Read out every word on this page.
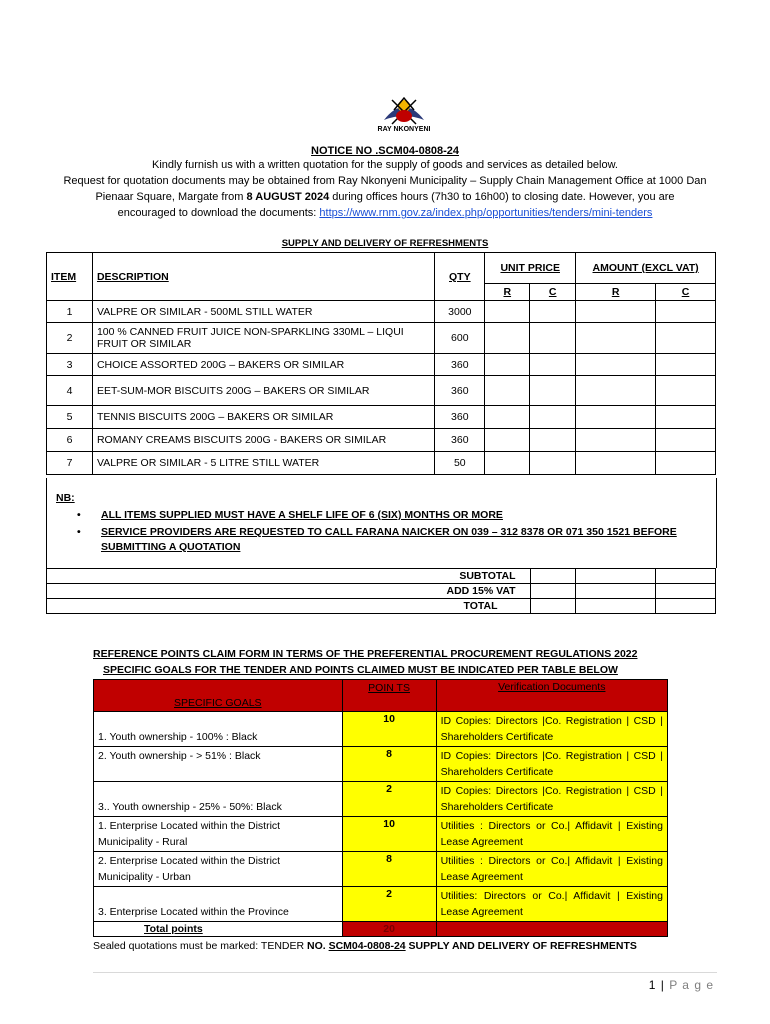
RAY NKONYENI
NOTICE NO .SCM04-0808-24
Kindly furnish us with a written quotation for the supply of goods and services as detailed below.
Request for quotation documents may be obtained from Ray Nkonyeni Municipality – Supply Chain Management Office at 1000 Dan
Pienaar Square, Margate from 8 AUGUST 2024 during offices hours (7h30 to 16h00) to closing date. However, you are
encouraged to download the documents: https://www.rnm.gov.za/index.php/opportunities/tenders/mini-tenders
SUPPLY AND DELIVERY OF REFRESHMENTS
ITEM	DESCRIPTION	QTY	UNIT PRICE		AMOUNT (EXCL VAT)	
			R	C	R	C
1	VALPRE OR SIMILAR - 500ML STILL WATER	3000				
2	100 % CANNED FRUIT JUICE NON-SPARKLING 330ML – LIQUI FRUIT OR SIMILAR	600				
3	CHOICE ASSORTED 200G – BAKERS OR SIMILAR	360				
4	EET-SUM-MOR BISCUITS 200G – BAKERS OR SIMILAR	360				
5	TENNIS BISCUITS 200G – BAKERS OR SIMILAR	360				
6	ROMANY CREAMS BISCUITS 200G - BAKERS OR SIMILAR	360				
7	VALPRE OR SIMILAR - 5 LITRE STILL WATER	50				
NB:
• ALL ITEMS SUPPLIED MUST HAVE A SHELF LIFE OF 6 (SIX) MONTHS OR MORE
• SERVICE PROVIDERS ARE REQUESTED TO CALL FARANA NAICKER ON 039 – 312 8378 OR 071 350 1521 BEFORE SUBMITTING A QUOTATION
SUBTOTAL			
ADD 15% VAT			
TOTAL			
REFERENCE POINTS CLAIM FORM IN TERMS OF THE PREFERENTIAL PROCUREMENT REGULATIONS 2022
SPECIFIC GOALS FOR THE TENDER AND POINTS CLAIMED MUST BE INDICATED PER TABLE BELOW
SPECIFIC GOALS	POIN TS	Verification Documents
1. Youth ownership - 100% : Black	10	ID Copies: Directors |Co. Registration | CSD | Shareholders Certificate
2. Youth ownership - > 51% : Black	8	ID Copies: Directors |Co. Registration | CSD | Shareholders Certificate
3.. Youth ownership - 25% - 50%: Black	2	ID Copies: Directors |Co. Registration | CSD | Shareholders Certificate
1. Enterprise Located within the District Municipality - Rural	10	Utilities : Directors or Co.| Affidavit | Existing Lease Agreement
2. Enterprise Located within the District Municipality - Urban	8	Utilities : Directors or Co.| Affidavit | Existing Lease Agreement
3. Enterprise Located within the Province	2	Utilities: Directors or Co.| Affidavit | Existing Lease Agreement
Total points	20	
Sealed quotations must be marked: TENDER NO. SCM04-0808-24 SUPPLY AND DELIVERY OF REFRESHMENTS
1 | P a g e
